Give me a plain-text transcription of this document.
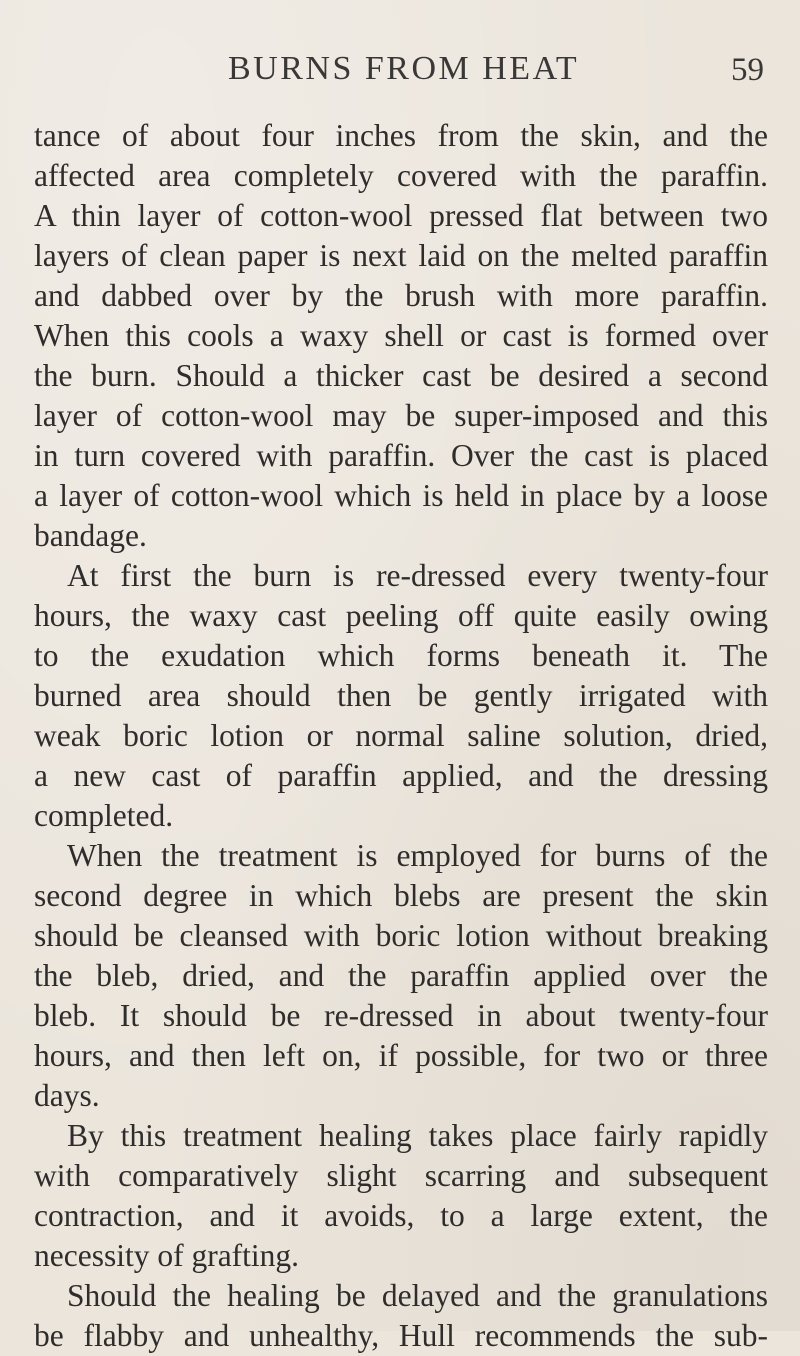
BURNS FROM HEAT	59
tance of about four inches from the skin, and the
affected area completely covered with the paraffin.
A thin layer of cotton-wool pressed flat between two
layers of clean paper is next laid on the melted paraffin
and dabbed over by the brush with more paraffin.
When this cools a waxy shell or cast is formed over
the burn. Should a thicker cast be desired a second
layer of cotton-wool may be super-imposed and this
in turn covered with paraffin. Over the cast is placed
a layer of cotton-wool which is held in place by a loose
bandage.
At first the burn is re-dressed every twenty-four
hours, the waxy cast peeling off quite easily owing
to the exudation which forms beneath it. The
burned area should then be gently irrigated with
weak boric lotion or normal saline solution, dried,
a new cast of paraffin applied, and the dressing
completed.
When the treatment is employed for burns of the
second degree in which blebs are present the skin
should be cleansed with boric lotion without breaking
the bleb, dried, and the paraffin applied over the
bleb. It should be re-dressed in about twenty-four
hours, and then left on, if possible, for two or three
days.
By this treatment healing takes place fairly rapidly
with comparatively slight scarring and subsequent
contraction, and it avoids, to a large extent, the
necessity of grafting.
Should the healing be delayed and the granulations
be flabby and unhealthy, Hull recommends the sub-
